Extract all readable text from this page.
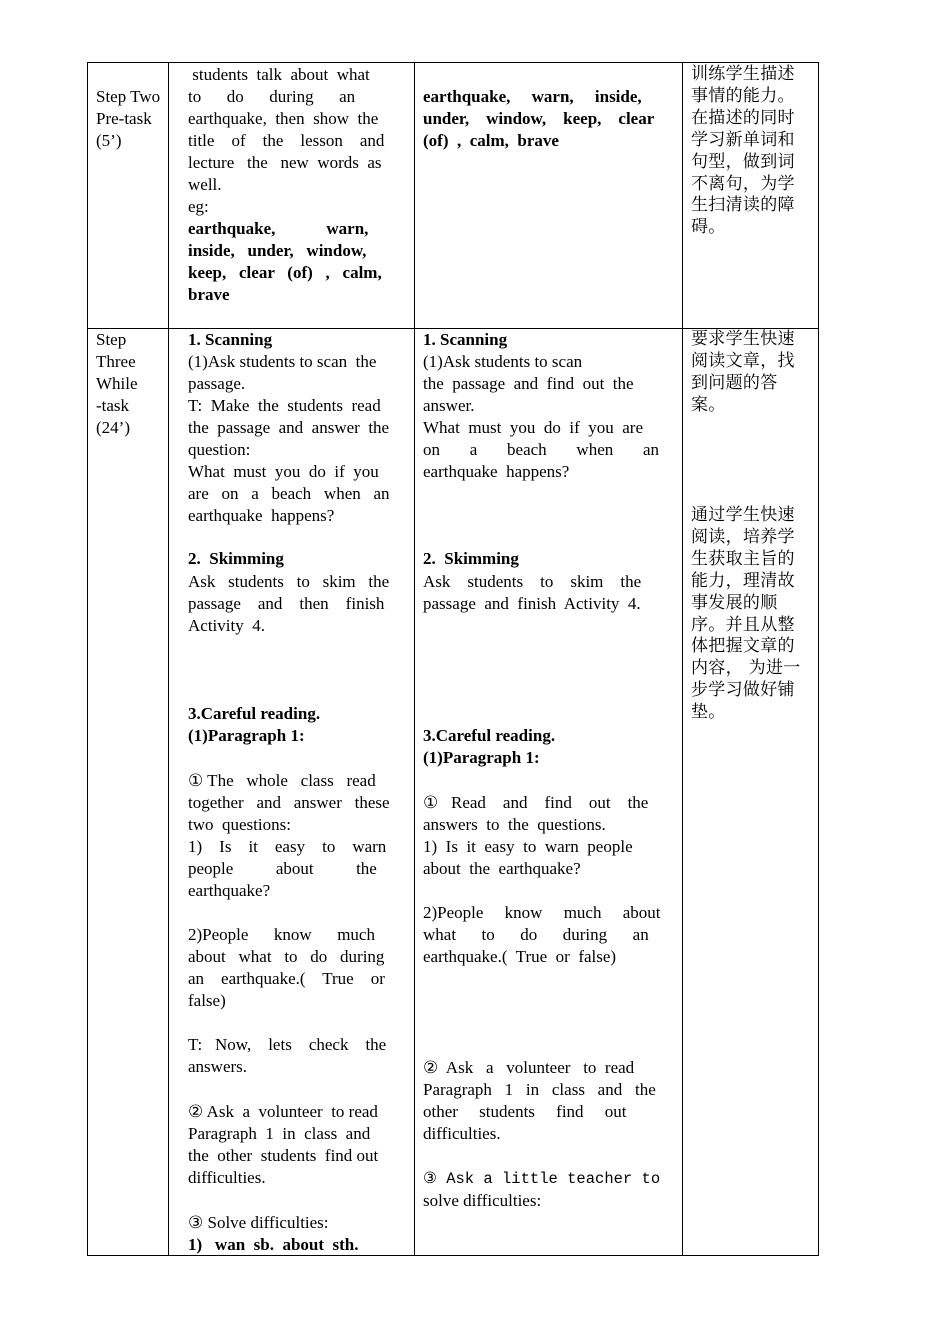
Step Two
Pre-task
(5’)
students  talk  about  what
to      do      during      an
earthquake,  then  show  the
title    of    the    lesson    and
lecture   the   new  words  as
well.
eg:
earthquake,            warn,
inside,   under,   window,
keep,   clear   (of)   ,   calm,
brave
earthquake,     warn,     inside,
under,    window,    keep,    clear
(of)  ,  calm,  brave
训练学生描述事情的能力。在描述的同时学习新单词和句型，做到词不离句，为学生扫清读的障碍。
Step
Three
While
-task
(24’)
1. Scanning
(1)Ask students to scan  the
passage.
T:  Make  the  students  read
the  passage  and  answer  the
question:
What  must  you  do  if  you
are   on   a   beach   when   an
earthquake  happens?
2.  Skimming
Ask   students   to   skim   the
passage    and    then    finish
Activity  4.
3.Careful reading.
(1)Paragraph 1:
① The   whole   class   read
together   and   answer   these
two  questions:
1)    Is    it    easy    to    warn
people          about          the
earthquake?
2)People      know      much
about   what   to   do   during
an    earthquake.(    True    or
false)
T:   Now,    lets    check    the
answers.
② Ask  a  volunteer  to read
Paragraph  1  in  class  and
the  other  students  find out
difficulties.
③ Solve difficulties:
1)   wan  sb.  about  sth.
1. Scanning
(1)Ask students to scan
the  passage  and  find  out  the
answer.
What  must  you  do  if  you  are
on       a       beach       when       an
earthquake  happens?
2.  Skimming
Ask    students    to    skim    the
passage  and  finish  Activity  4.
3.Careful reading.
(1)Paragraph 1:
①   Read    and    find    out    the
answers  to  the  questions.
1)  Is  it  easy  to  warn  people
about  the  earthquake?
2)People     know     much     about
what      to      do      during      an
earthquake.(  True  or  false)
②  Ask   a   volunteer   to  read
Paragraph   1   in   class   and   the
other     students     find     out
difficulties.
③ Ask a little teacher to
solve difficulties:
要求学生快速阅读文章，找到问题的答案。
通过学生快速阅读，培养学生获取主旨的能力，理清故事发展的顺序。并且从整体把握文章的内容， 为进一步学习做好铺垫。
